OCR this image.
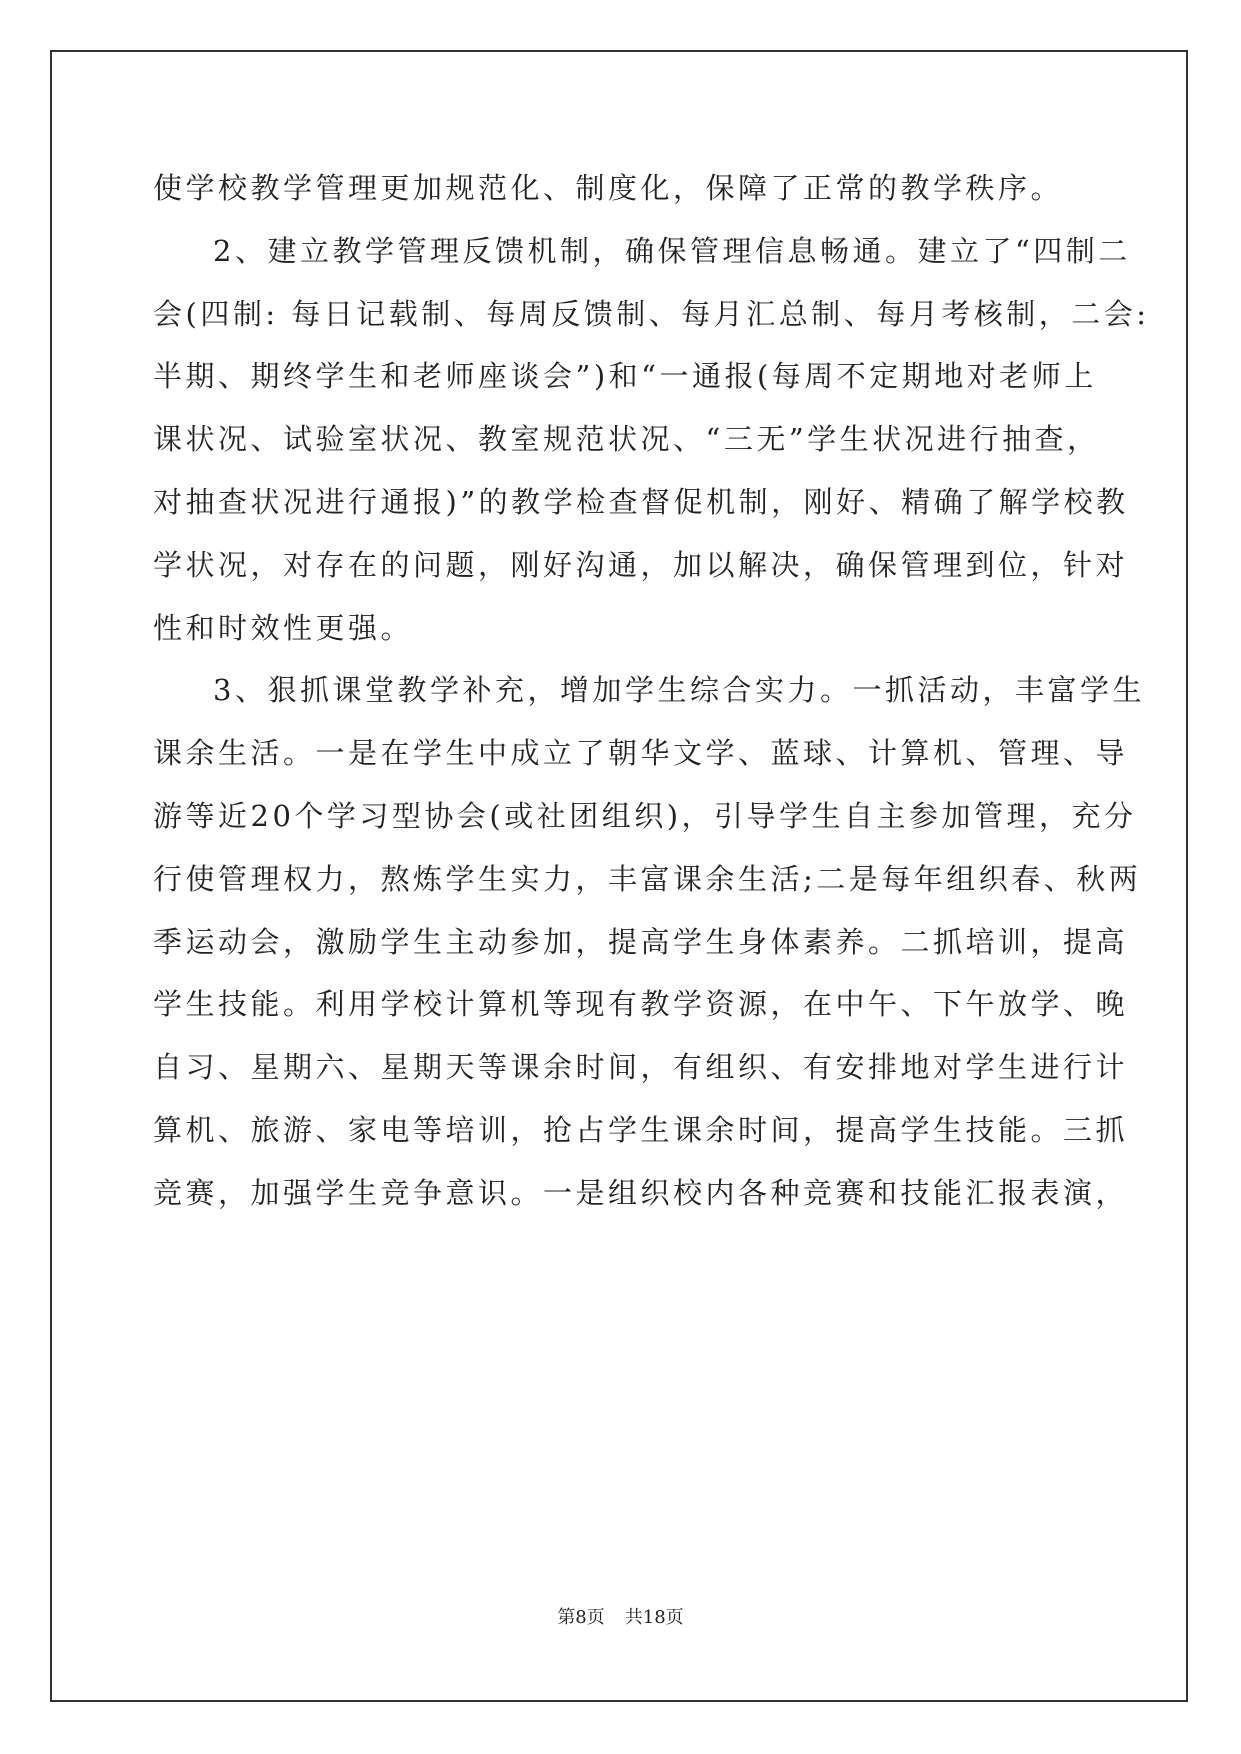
使学校教学管理更加规范化、制度化，保障了正常的教学秩序。
2、建立教学管理反馈机制，确保管理信息畅通。建立了“四制二
会(四制: 每日记载制、每周反馈制、每月汇总制、每月考核制，二会:
半期、期终学生和老师座谈会”)和“一通报(每周不定期地对老师上
课状况、试验室状况、教室规范状况、“三无”学生状况进行抽查，
对抽查状况进行通报)”的教学检查督促机制，刚好、精确了解学校教
学状况，对存在的问题，刚好沟通，加以解决，确保管理到位，针对
性和时效性更强。
3、狠抓课堂教学补充，增加学生综合实力。一抓活动，丰富学生
课余生活。一是在学生中成立了朝华文学、蓝球、计算机、管理、导
游等近20个学习型协会(或社团组织)，引导学生自主参加管理，充分
行使管理权力，熬炼学生实力，丰富课余生活;二是每年组织春、秋两
季运动会，激励学生主动参加，提高学生身体素养。二抓培训，提高
学生技能。利用学校计算机等现有教学资源，在中午、下午放学、晚
自习、星期六、星期天等课余时间，有组织、有安排地对学生进行计
算机、旅游、家电等培训，抢占学生课余时间，提高学生技能。三抓
竞赛，加强学生竞争意识。一是组织校内各种竞赛和技能汇报表演，
第8页 共18页
